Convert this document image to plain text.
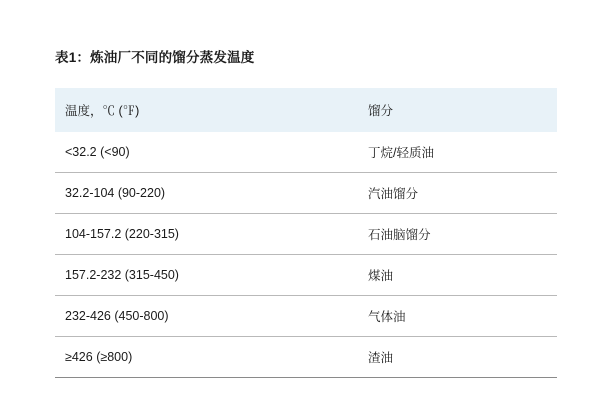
表1：炼油厂不同的馏分蒸发温度
温度，℃ (℉)	馏分
<32.2 (<90)	丁烷/轻质油
32.2-104 (90-220)	汽油馏分
104-157.2 (220-315)	石油脑馏分
157.2-232 (315-450)	煤油
232-426 (450-800)	气体油
≥426 (≥800)	渣油
